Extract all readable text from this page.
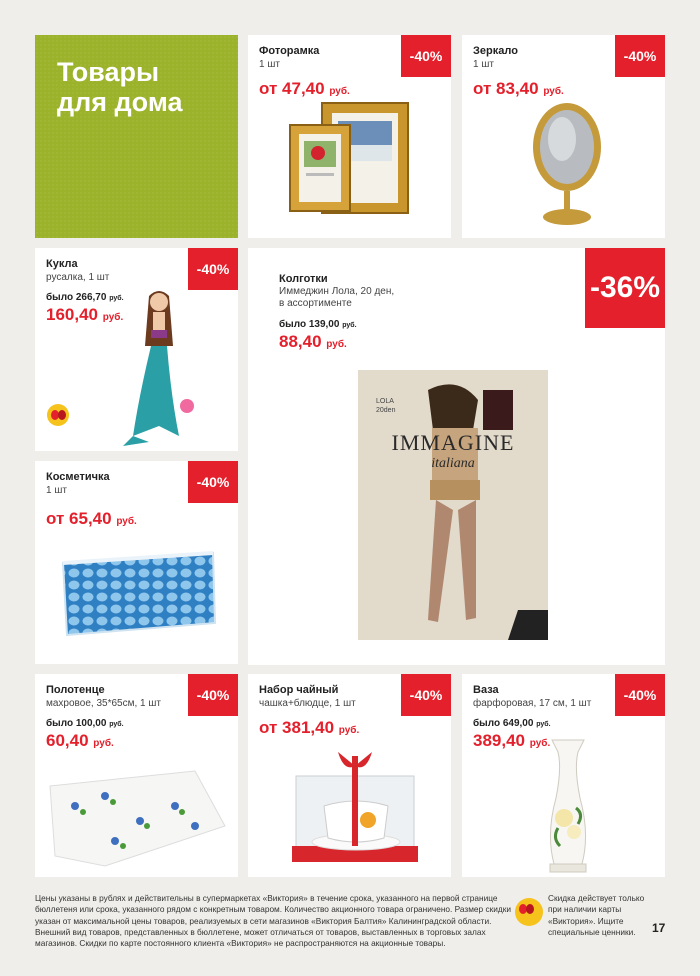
Товары
для дома
Фоторамка
1 шт
-40%
от 47,40 руб.
Зеркало
1 шт
-40%
от 83,40 руб.
Кукла
русалка, 1 шт
-40%
было 266,70 руб.
160,40 руб.
Колготки
Иммеджин Лола, 20 ден,
в ассортименте	-36%
было 139,00 руб.
88,40 руб.
IMMAGINE
italiana
LOLA
20den
Косметичка
1 шт
-40%
от 65,40 руб.
Полотенце
махровое, 35*65см, 1 шт
-40%
было 100,00 руб.
60,40 руб.
Набор чайный
чашка+блюдце, 1 шт
-40%
от 381,40 руб.
Ваза
фарфоровая, 17 см, 1 шт
-40%
было 649,00 руб.
389,40 руб.
Цены указаны в рублях и действительны в супермаркетах «Виктория» в течение срока, указанного на первой странице бюллетеня или срока, указанного рядом с конкретным товаром. Количество акционного товара ограничено. Размер скидки указан от максимальной цены товаров, реализуемых в сети магазинов «Виктория Балтия» Калининградской области. Внешний вид товаров, представленных в бюллетене, может отличаться от товаров, выставленных в торговых залах магазинов. Скидки по карте постоянного клиента «Виктория» не распространяются на акционные товары.
Скидка действует только при наличии карты «Виктория». Ищите специальные ценники.	17
